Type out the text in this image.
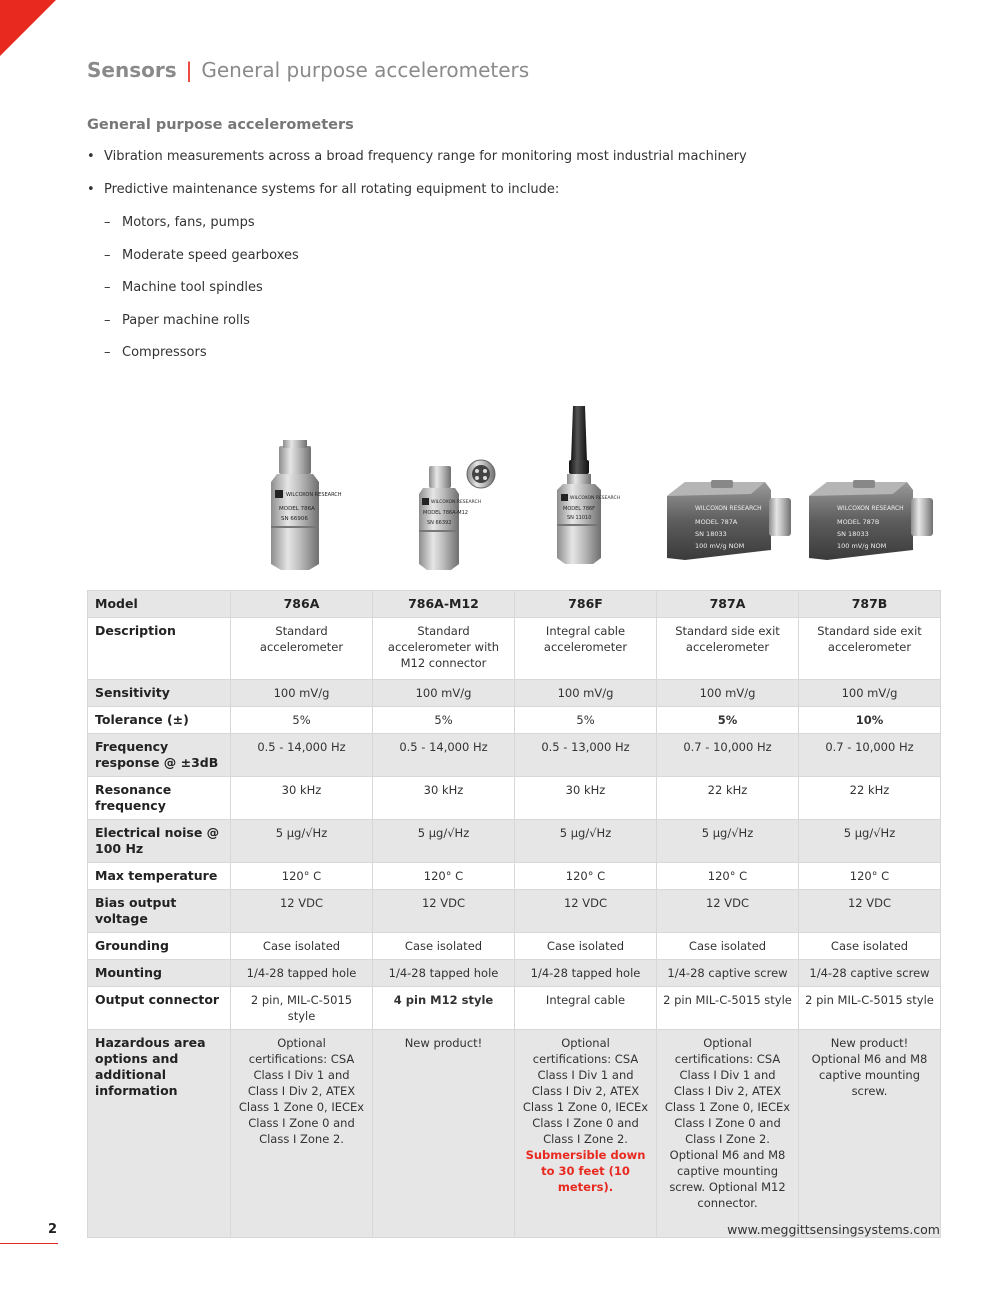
Sensors | General purpose accelerometers
General purpose accelerometers
• Vibration measurements across a broad frequency range for monitoring most industrial machinery
• Predictive maintenance systems for all rotating equipment to include:
– Motors, fans, pumps
– Moderate speed gearboxes
– Machine tool spindles
– Paper machine rolls
– Compressors
WILCOXON RESEARCH
MODEL 786A
SN 66906
WILCOXON RESEARCH
MODEL 786A-M12
SN 66392
WILCOXON RESEARCH
MODEL 786F
SN 11010
WILCOXON RESEARCH
MODEL 787A
SN 18033
100 mV/g NOM
WILCOXON RESEARCH
MODEL 787B
SN 18033
100 mV/g NOM
Model	786A	786A-M12	786F	787A	787B
Description	Standard accelerometer	Standard accelerometer with M12 connector	Integral cable accelerometer	Standard side exit accelerometer	Standard side exit accelerometer
Sensitivity	100 mV/g	100 mV/g	100 mV/g	100 mV/g	100 mV/g
Tolerance (±)	5%	5%	5%	5%	10%
Frequency response @ ±3dB	0.5 - 14,000 Hz	0.5 - 14,000 Hz	0.5 - 13,000 Hz	0.7 - 10,000 Hz	0.7 - 10,000 Hz
Resonance frequency	30 kHz	30 kHz	30 kHz	22 kHz	22 kHz
Electrical noise @ 100 Hz	5 µg/√Hz	5 µg/√Hz	5 µg/√Hz	5 µg/√Hz	5 µg/√Hz
Max temperature	120° C	120° C	120° C	120° C	120° C
Bias output voltage	12 VDC	12 VDC	12 VDC	12 VDC	12 VDC
Grounding	Case isolated	Case isolated	Case isolated	Case isolated	Case isolated
Mounting	1/4-28 tapped hole	1/4-28 tapped hole	1/4-28 tapped hole	1/4-28 captive screw	1/4-28 captive screw
Output connector	2 pin, MIL-C-5015 style	4 pin M12 style	Integral cable	2 pin MIL-C-5015 style	2 pin MIL-C-5015 style
Hazardous area options and additional information	Optional certifications: CSA Class I Div 1 and Class I Div 2, ATEX Class 1 Zone 0, IECEx Class I Zone 0 and Class I Zone 2.	New product!	Optional certifications: CSA Class I Div 1 and Class I Div 2, ATEX Class 1 Zone 0, IECEx Class I Zone 0 and Class I Zone 2. Submersible down to 30 feet (10 meters).	Optional certifications: CSA Class I Div 1 and Class I Div 2, ATEX Class 1 Zone 0, IECEx Class I Zone 0 and Class I Zone 2. Optional M6 and M8 captive mounting screw. Optional M12 connector.	New product! Optional M6 and M8 captive mounting screw.
2	www.meggittsensingsystems.com
